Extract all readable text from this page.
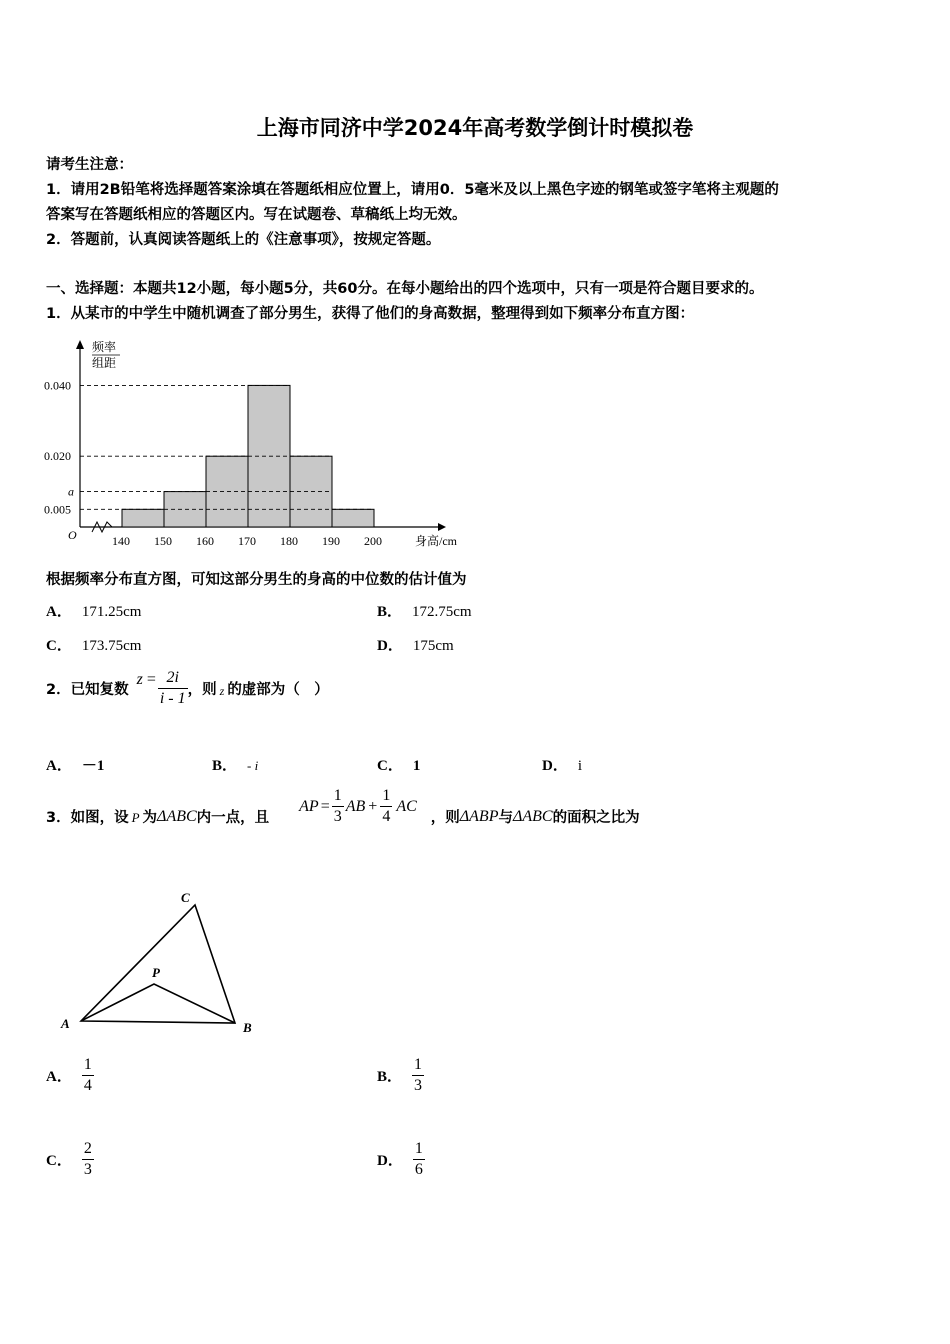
上海市同济中学2024年高考数学倒计时模拟卷
请考生注意：
1．请用2B铅笔将选择题答案涂填在答题纸相应位置上，请用0．5毫米及以上黑色字迹的钢笔或签字笔将主观题的
答案写在答题纸相应的答题区内。写在试题卷、草稿纸上均无效。
2．答题前，认真阅读答题纸上的《注意事项》，按规定答题。
一、选择题：本题共12小题，每小题5分，共60分。在每小题给出的四个选项中，只有一项是符合题目要求的。
1．从某市的中学生中随机调查了部分男生，获得了他们的身高数据，整理得到如下频率分布直方图：
0.005
a
0.020
0.040
140 150 160 170 180 190 200
O
频率
组距
身高/cm
根据频率分布直方图，可知这部分男生的身高的中位数的估计值为
A． 171.25cm	B． 172.75cm
C． 173.75cm	D． 175cm
2．已知复数
$z = \frac{2i}{i - 1}$ ，则 z 的虚部为（　）
A． －1	B． - i	C． 1	D． i
3．如图，设 P 为 ΔABC 内一点，且
AP = $\frac{1}{3}$ AB + $\frac{1}{4}$ AC
，则 ΔABP 与 ΔABC 的面积之比为
A	B
C
P
A． $\frac{1}{4}$	B． $\frac{1}{3}$
C． $\frac{2}{3}$	D． $\frac{1}{6}$
